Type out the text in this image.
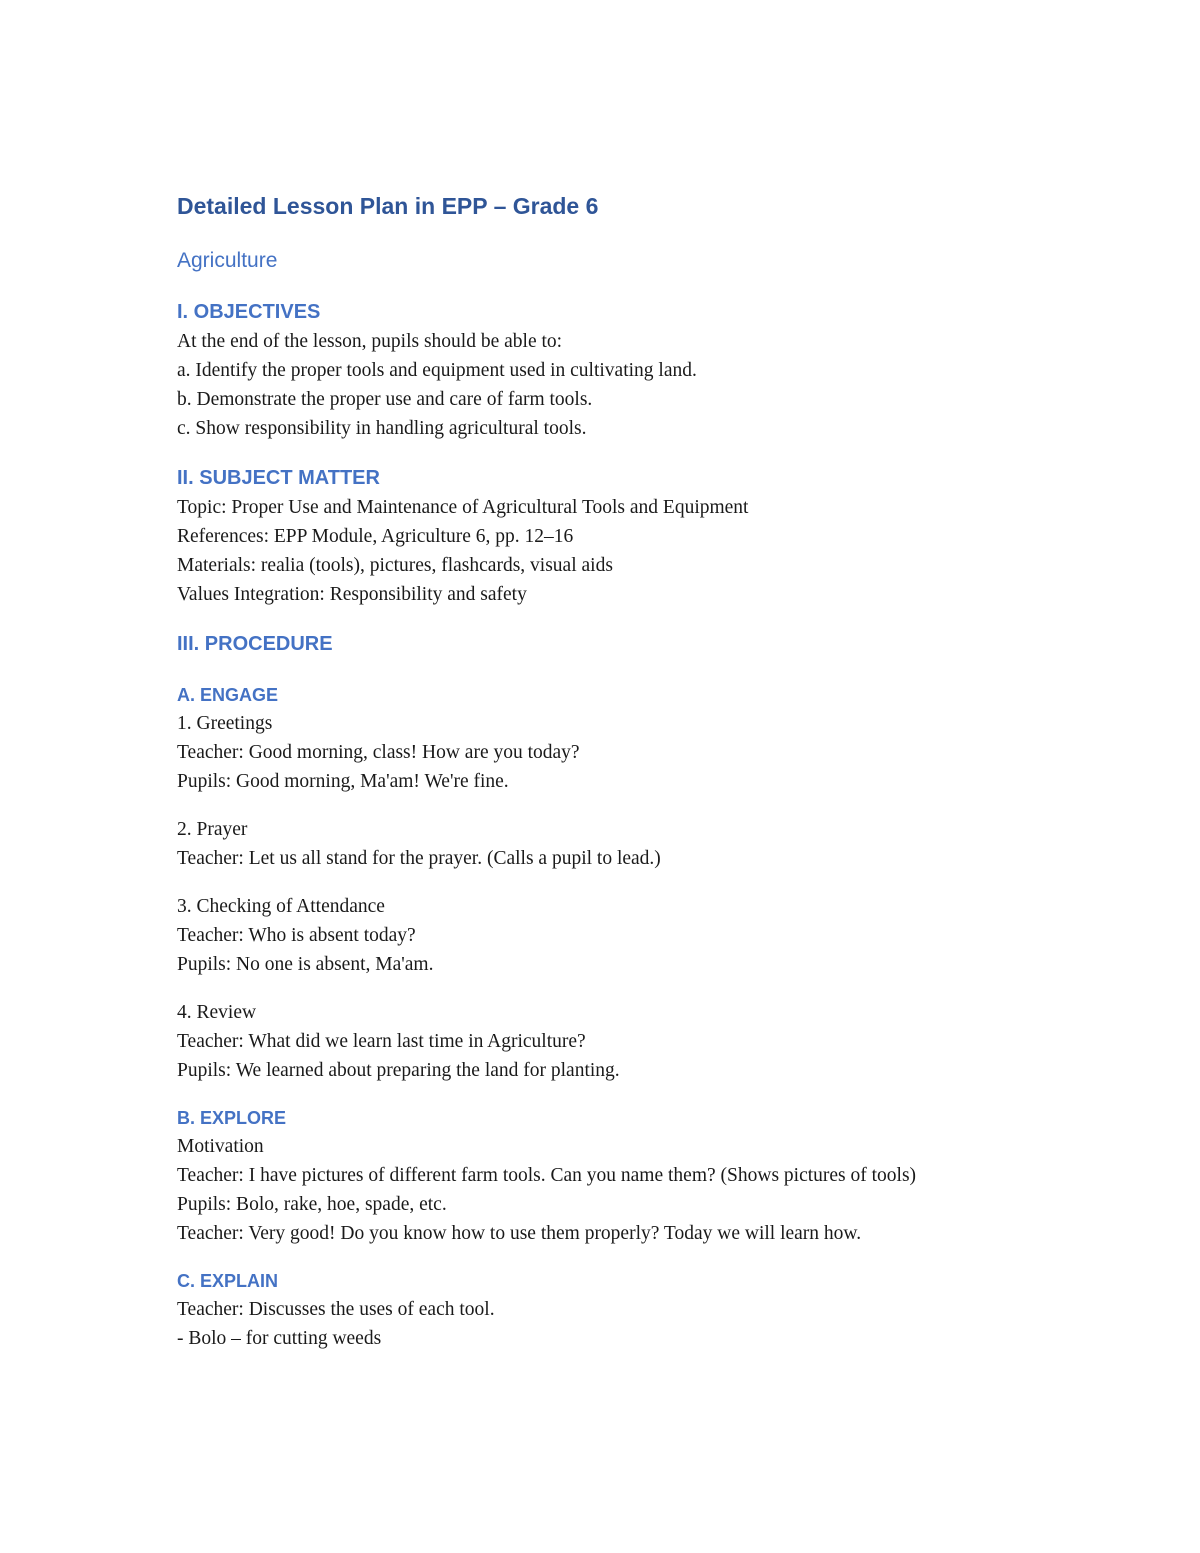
Detailed Lesson Plan in EPP – Grade 6
Agriculture
I. OBJECTIVES

At the end of the lesson, pupils should be able to:

a. Identify the proper tools and equipment used in cultivating land.

b. Demonstrate the proper use and care of farm tools.

c. Show responsibility in handling agricultural tools.

II. SUBJECT MATTER

Topic: Proper Use and Maintenance of Agricultural Tools and Equipment

References: EPP Module, Agriculture 6, pp. 12–16

Materials: realia (tools), pictures, flashcards, visual aids

Values Integration: Responsibility and safety

III. PROCEDURE
A. ENGAGE

1. Greetings

Teacher: Good morning, class! How are you today?

Pupils: Good morning, Ma'am! We're fine.

2. Prayer

Teacher: Let us all stand for the prayer. (Calls a pupil to lead.)

3. Checking of Attendance

Teacher: Who is absent today?

Pupils: No one is absent, Ma'am.

4. Review

Teacher: What did we learn last time in Agriculture?

Pupils: We learned about preparing the land for planting.

B. EXPLORE

Motivation

Teacher: I have pictures of different farm tools. Can you name them? (Shows pictures of tools)

Pupils: Bolo, rake, hoe, spade, etc.

Teacher: Very good! Do you know how to use them properly? Today we will learn how.

C. EXPLAIN

Teacher: Discusses the uses of each tool.

- Bolo – for cutting weeds
